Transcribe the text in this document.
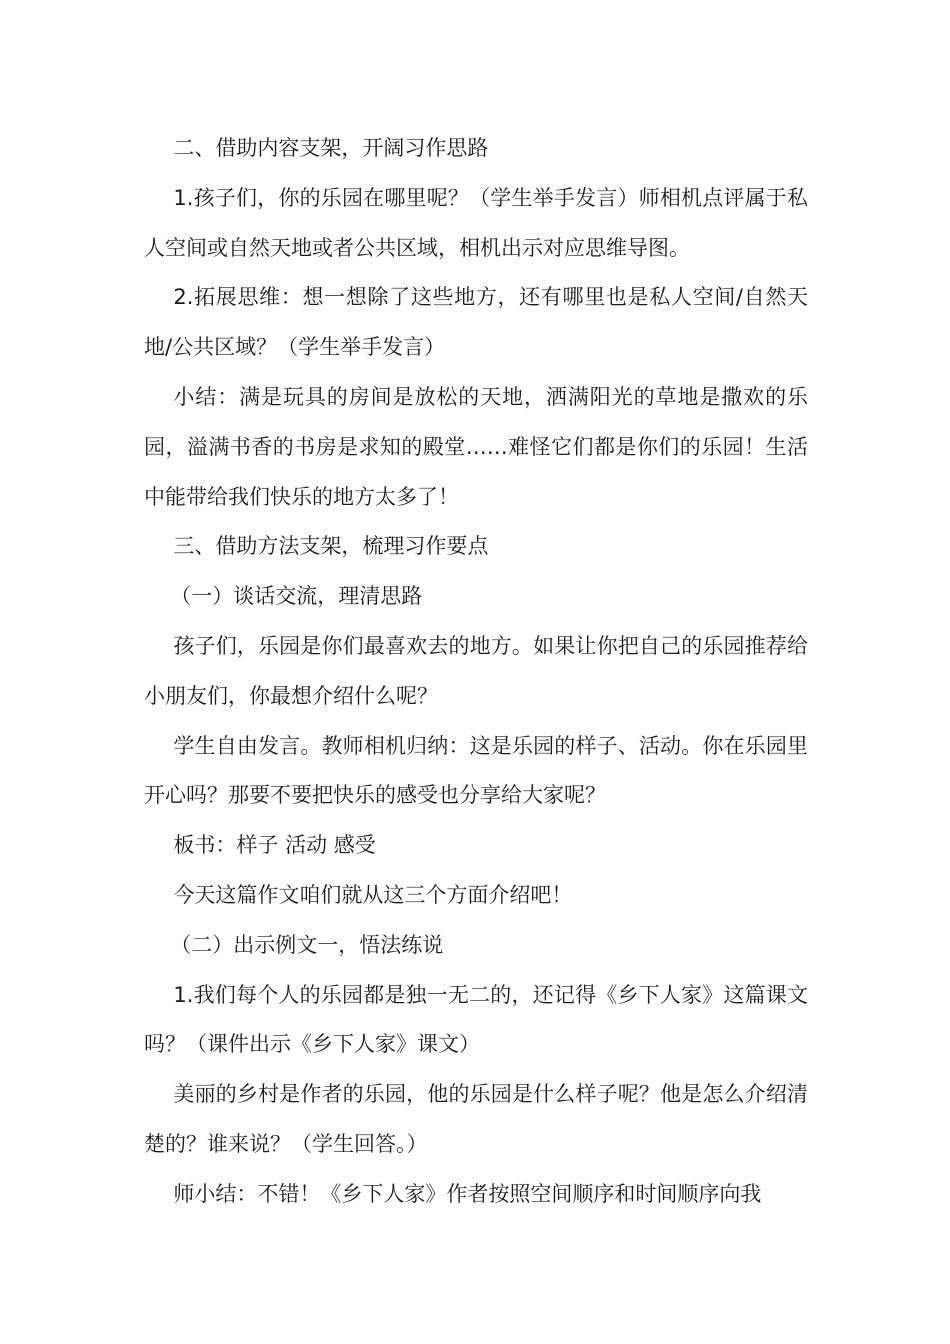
二、借助内容支架，开阔习作思路

1.孩子们，你的乐园在哪里呢？（学生举手发言）师相机点评属于私人空间或自然天地或者公共区域，相机出示对应思维导图。

2.拓展思维：想一想除了这些地方，还有哪里也是私人空间/自然天地/公共区域？（学生举手发言）

小结：满是玩具的房间是放松的天地，洒满阳光的草地是撒欢的乐园，溢满书香的书房是求知的殿堂……难怪它们都是你们的乐园！生活中能带给我们快乐的地方太多了！

三、借助方法支架，梳理习作要点

（一）谈话交流，理清思路

孩子们，乐园是你们最喜欢去的地方。如果让你把自己的乐园推荐给小朋友们，你最想介绍什么呢？

学生自由发言。教师相机归纳：这是乐园的样子、活动。你在乐园里开心吗？那要不要把快乐的感受也分享给大家呢？

板书：样子 活动 感受

今天这篇作文咱们就从这三个方面介绍吧！

（二）出示例文一，悟法练说

1.我们每个人的乐园都是独一无二的，还记得《乡下人家》这篇课文吗？（课件出示《乡下人家》课文）

美丽的乡村是作者的乐园，他的乐园是什么样子呢？他是怎么介绍清楚的？谁来说？（学生回答。）

师小结：不错！《乡下人家》作者按照空间顺序和时间顺序向我
